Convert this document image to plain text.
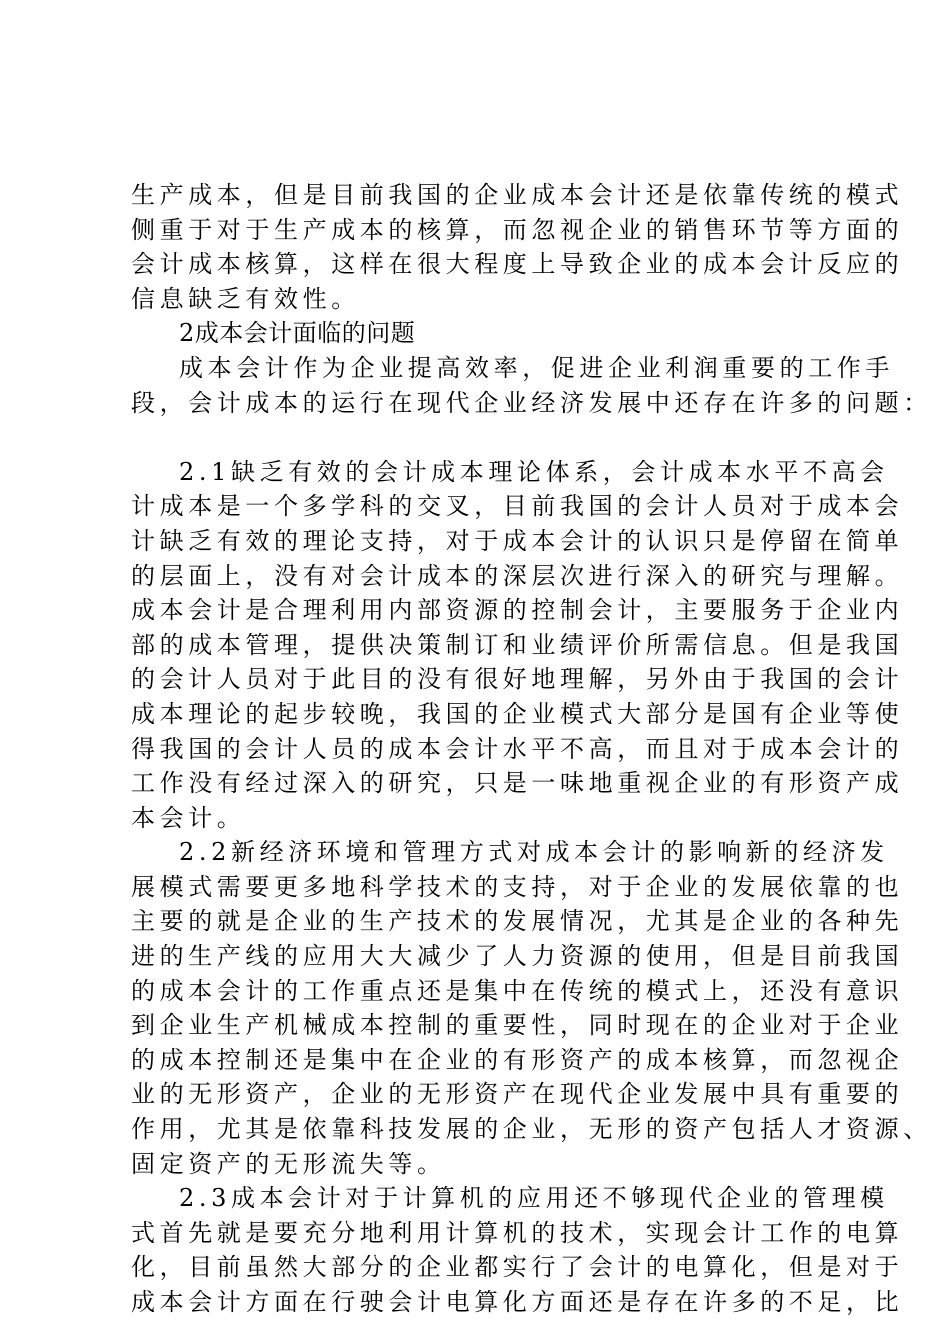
生产成本，但是目前我国的企业成本会计还是依靠传统的模式
侧重于对于生产成本的核算，而忽视企业的销售环节等方面的
会计成本核算，这样在很大程度上导致企业的成本会计反应的
信息缺乏有效性。
2成本会计面临的问题
成本会计作为企业提高效率，促进企业利润重要的工作手
段，会计成本的运行在现代企业经济发展中还存在许多的问题：
2.1缺乏有效的会计成本理论体系，会计成本水平不高会
计成本是一个多学科的交叉，目前我国的会计人员对于成本会
计缺乏有效的理论支持，对于成本会计的认识只是停留在简单
的层面上，没有对会计成本的深层次进行深入的研究与理解。
成本会计是合理利用内部资源的控制会计，主要服务于企业内
部的成本管理，提供决策制订和业绩评价所需信息。但是我国
的会计人员对于此目的没有很好地理解，另外由于我国的会计
成本理论的起步较晚，我国的企业模式大部分是国有企业等使
得我国的会计人员的成本会计水平不高，而且对于成本会计的
工作没有经过深入的研究，只是一味地重视企业的有形资产成
本会计。
2.2新经济环境和管理方式对成本会计的影响新的经济发
展模式需要更多地科学技术的支持，对于企业的发展依靠的也
主要的就是企业的生产技术的发展情况，尤其是企业的各种先
进的生产线的应用大大减少了人力资源的使用，但是目前我国
的成本会计的工作重点还是集中在传统的模式上，还没有意识
到企业生产机械成本控制的重要性，同时现在的企业对于企业
的成本控制还是集中在企业的有形资产的成本核算，而忽视企
业的无形资产，企业的无形资产在现代企业发展中具有重要的
作用，尤其是依靠科技发展的企业，无形的资产包括人才资源、
固定资产的无形流失等。
2.3成本会计对于计算机的应用还不够现代企业的管理模
式首先就是要充分地利用计算机的技术，实现会计工作的电算
化，目前虽然大部分的企业都实行了会计的电算化，但是对于
成本会计方面在行驶会计电算化方面还是存在许多的不足，比
